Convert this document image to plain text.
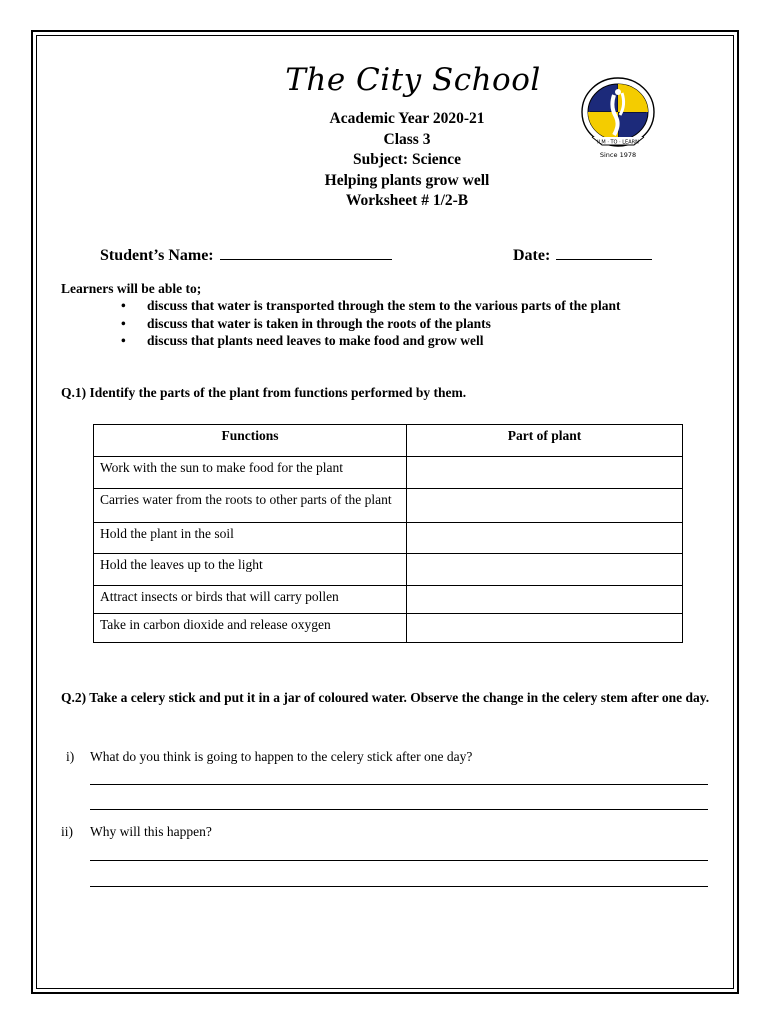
The City School
Academic Year 2020-21
Class 3
Subject: Science
Helping plants grow well
Worksheet # 1/2-B
ILM · TO · LEARN
Since 1978
Student’s Name:	Date:
Learners will be able to;
• discuss that water is transported through the stem to the various parts of the plant
• discuss that water is taken in through the roots of the plants
• discuss that plants need leaves to make food and grow well
Q.1) Identify the parts of the plant from functions performed by them.
Functions	Part of plant
Work with the sun to make food for the plant	
Carries water from the roots to other parts of the plant	
Hold the plant in the soil	
Hold the leaves up to the light	
Attract insects or birds that will carry pollen	
Take in carbon dioxide and release oxygen	
Q.2) Take a celery stick and put it in a jar of coloured water. Observe the change in the celery stem after one day.
i) What do you think is going to happen to the celery stick after one day?
ii) Why will this happen?
